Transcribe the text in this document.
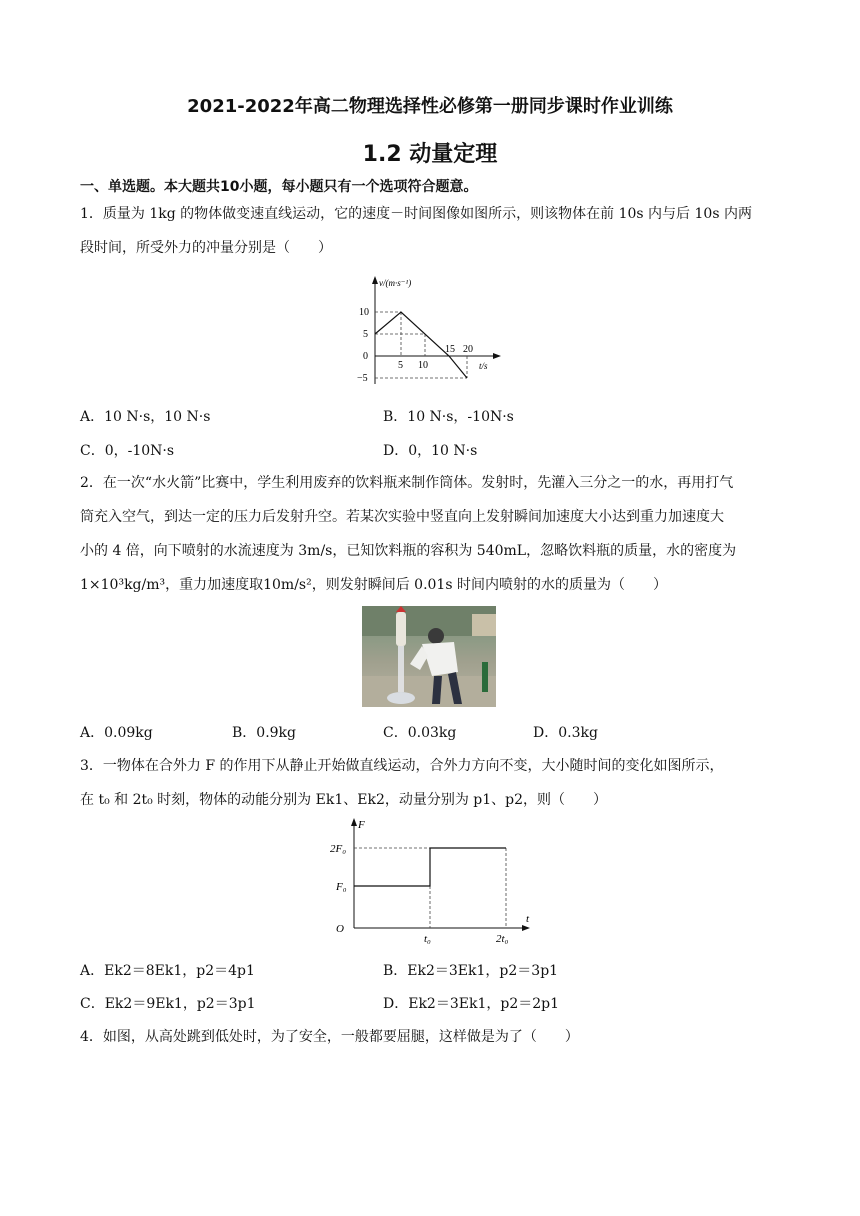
2021-2022年高二物理选择性必修第一册同步课时作业训练
1.2 动量定理
一、单选题。本大题共10小题，每小题只有一个选项符合题意。
1．质量为 1kg 的物体做变速直线运动，它的速度－时间图像如图所示，则该物体在前 10s 内与后 10s 内两
段时间，所受外力的冲量分别是（　　）
v/(m·s⁻¹)
t/s
10
5
0
−5
5 10
15 20
A．10 N·s，10 N·s	B．10 N·s，-10N·s
C．0，-10N·s	D．0，10 N·s
2．在一次“水火箭”比赛中，学生利用废弃的饮料瓶来制作筒体。发射时，先灌入三分之一的水，再用打气
筒充入空气，到达一定的压力后发射升空。若某次实验中竖直向上发射瞬间加速度大小达到重力加速度大
小的 4 倍，向下喷射的水流速度为 3m/s，已知饮料瓶的容积为 540mL，忽略饮料瓶的质量，水的密度为
1×10³kg/m³，重力加速度取10m/s²，则发射瞬间后 0.01s 时间内喷射的水的质量为（　　）
A．0.09kg	B．0.9kg	C．0.03kg	D．0.3kg
3．一物体在合外力 F 的作用下从静止开始做直线运动，合外力方向不变，大小随时间的变化如图所示，
在 t₀ 和 2t₀ 时刻，物体的动能分别为 Ek1、Ek2，动量分别为 p1、p2，则（　　）
F
t
O
2F₀
F₀
t₀	2t₀
A．Ek2＝8Ek1，p2＝4p1	B．Ek2＝3Ek1，p2＝3p1
C．Ek2＝9Ek1，p2＝3p1	D．Ek2＝3Ek1，p2＝2p1
4．如图，从高处跳到低处时，为了安全，一般都要屈腿，这样做是为了（　　）
